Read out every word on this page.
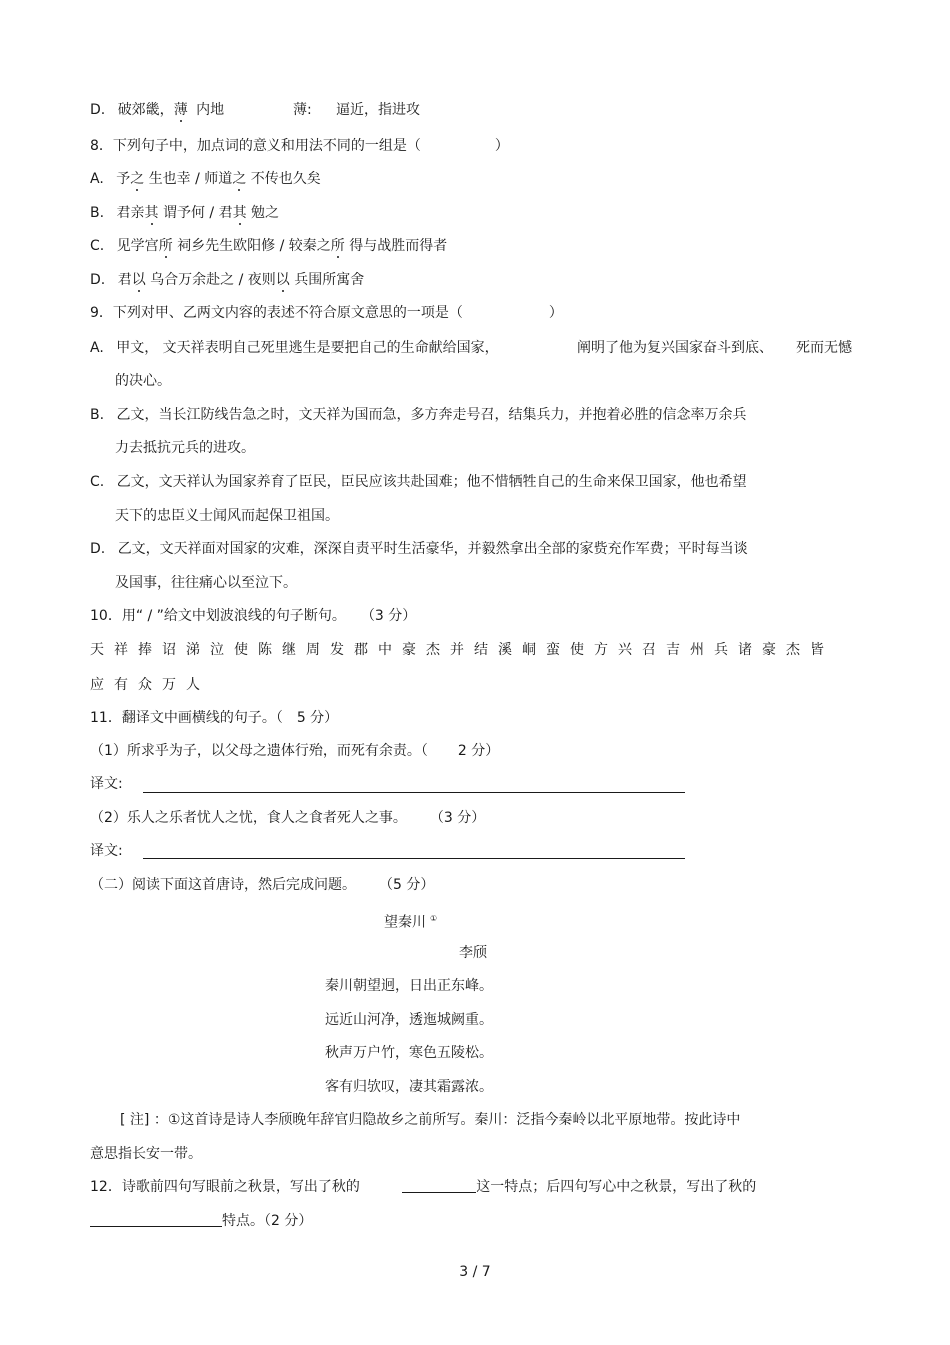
D. 破郊畿，薄 内地	薄: 逼近，指进攻
8．下列句子中，加点词的意义和用法不同的一组是（	）
A. 予之 生也幸 / 师道之 不传也久矣
B. 君亲其 谓予何 / 君其 勉之
C. 见学宫所 祠乡先生欧阳修 / 较秦之所 得与战胜而得者
D. 君以 乌合万余赴之 / 夜则以 兵围所寓舍
9．下列对甲、乙两文内容的表述不符合原文意思的一项是（	）
A. 甲文， 文天祥表明自己死里逃生是要把自己的生命献给国家，	阐明了他为复兴国家奋斗到底、 死而无憾
的决心。
B. 乙文，当长江防线告急之时，文天祥为国而急，多方奔走号召，结集兵力，并抱着必胜的信念率万余兵
力去抵抗元兵的进攻。
C. 乙文，文天祥认为国家养育了臣民，臣民应该共赴国难；他不惜牺牲自己的生命来保卫国家，他也希望
天下的忠臣义士闻风而起保卫祖国。
D. 乙文，文天祥面对国家的灾难，深深自责平时生活豪华，并毅然拿出全部的家赀充作军费；平时每当谈
及国事，往往痛心以至泣下。
10．用“ / ”给文中划波浪线的句子断句。 （3 分）
天 祥 捧 诏 涕 泣 使 陈 继 周 发 郡 中 豪 杰 并 结 溪 峒 蛮 使 方 兴 召 吉 州 兵 诸 豪 杰 皆
应 有 众 万 人
11．翻译文中画横线的句子。（ 5 分）
（1）所求乎为子，以父母之遗体行殆，而死有余责。（ 2 分）
译文:
（2）乐人之乐者忧人之忧，食人之食者死人之事。 （3 分）
译文:
（二）阅读下面这首唐诗，然后完成问题。 （5 分）
望秦川 ①
李颀
秦川朝望迥，日出正东峰。
远近山河净，透迤城阙重。
秋声万户竹，寒色五陵松。
客有归欤叹，凄其霜露浓。
[ 注] ：①这首诗是诗人李颀晚年辞官归隐故乡之前所写。秦川：泛指今秦岭以北平原地带。按此诗中
意思指长安一带。
12．诗歌前四句写眼前之秋景，写出了秋的	这一特点；后四句写心中之秋景，写出了秋的
特点。（2 分）
3 / 7
